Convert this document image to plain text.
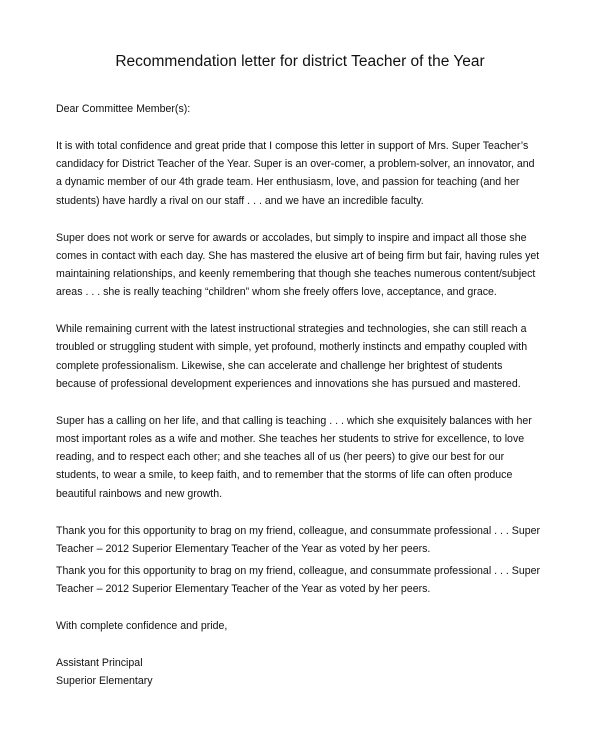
Recommendation letter for district Teacher of the Year
Dear Committee Member(s):
It is with total confidence and great pride that I compose this letter in support of Mrs. Super Teacher’s
candidacy for District Teacher of the Year. Super is an over-comer, a problem-solver, an innovator, and
a dynamic member of our 4th grade team. Her enthusiasm, love, and passion for teaching (and her
students) have hardly a rival on our staff . . . and we have an incredible faculty.
Super does not work or serve for awards or accolades, but simply to inspire and impact all those she
comes in contact with each day. She has mastered the elusive art of being firm but fair, having rules yet
maintaining relationships, and keenly remembering that though she teaches numerous content/subject
areas . . . she is really teaching “children” whom she freely offers love, acceptance, and grace.
While remaining current with the latest instructional strategies and technologies, she can still reach a
troubled or struggling student with simple, yet profound, motherly instincts and empathy coupled with
complete professionalism. Likewise, she can accelerate and challenge her brightest of students
because of professional development experiences and innovations she has pursued and mastered.
Super has a calling on her life, and that calling is teaching . . . which she exquisitely balances with her
most important roles as a wife and mother. She teaches her students to strive for excellence, to love
reading, and to respect each other; and she teaches all of us (her peers) to give our best for our
students, to wear a smile, to keep faith, and to remember that the storms of life can often produce
beautiful rainbows and new growth.
Thank you for this opportunity to brag on my friend, colleague, and consummate professional . . . Super
Teacher – 2012 Superior Elementary Teacher of the Year as voted by her peers.
Thank you for this opportunity to brag on my friend, colleague, and consummate professional . . . Super
Teacher – 2012 Superior Elementary Teacher of the Year as voted by her peers.
With complete confidence and pride,
Assistant Principal
Superior Elementary
